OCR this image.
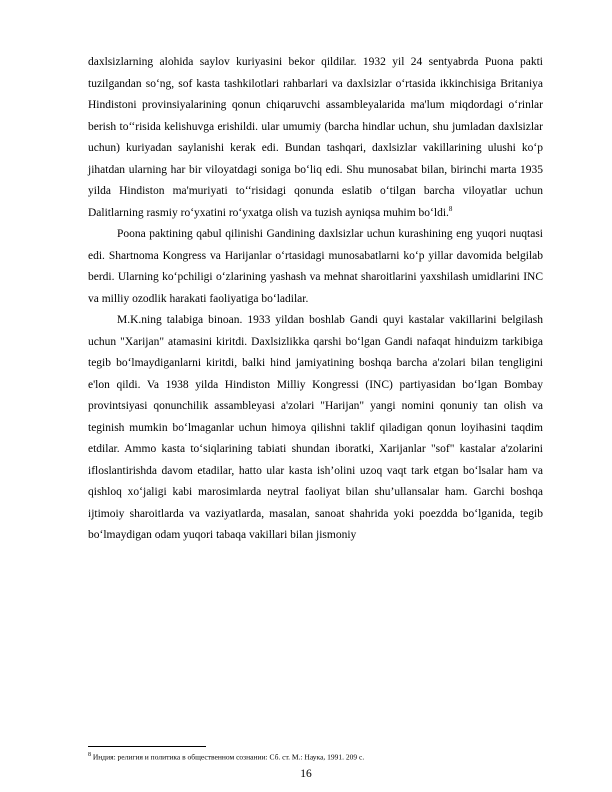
daxlsizlarning alohida saylov kuriyasini bekor qildilar. 1932 yil 24 sentyabrda Puona pakti tuzilgandan so‘ng, sof kasta tashkilotlari rahbarlari va daxlsizlar o‘rtasida ikkinchisiga Britaniya Hindistoni provinsiyalarining qonun chiqaruvchi assambleyalarida ma'lum miqdordagi o‘rinlar berish to‘‘risida kelishuvga erishildi. ular umumiy (barcha hindlar uchun, shu jumladan daxlsizlar uchun) kuriyadan saylanishi kerak edi. Bundan tashqari, daxlsizlar vakillarining ulushi ko‘p jihatdan ularning har bir viloyatdagi soniga bo‘liq edi. Shu munosabat bilan, birinchi marta 1935 yilda Hindiston ma'muriyati to‘‘risidagi qonunda eslatib o‘tilgan barcha viloyatlar uchun Dalitlarning rasmiy ro‘yxatini ro‘yxatga olish va tuzish ayniqsa muhim bo‘ldi.$^8$

Poona paktining qabul qilinishi Gandining daxlsizlar uchun kurashining eng yuqori nuqtasi edi. Shartnoma Kongress va Harijanlar o‘rtasidagi munosabatlarni ko‘p yillar davomida belgilab berdi. Ularning ko‘pchiligi o‘zlarining yashash va mehnat sharoitlarini yaxshilash umidlarini INC va milliy ozodlik harakati faoliyatiga bo‘ladilar.

M.K.ning talabiga binoan. 1933 yildan boshlab Gandi quyi kastalar vakillarini belgilash uchun "Xarijan" atamasini kiritdi. Daxlsizlikka qarshi bo‘lgan Gandi nafaqat hinduizm tarkibiga tegib bo‘lmaydiganlarni kiritdi, balki hind jamiyatining boshqa barcha a'zolari bilan tengligini e'lon qildi. Va 1938 yilda Hindiston Milliy Kongressi (INC) partiyasidan bo‘lgan Bombay provintsiyasi qonunchilik assambleyasi a'zolari "Harijan" yangi nomini qonuniy tan olish va teginish mumkin bo‘lmaganlar uchun himoya qilishni taklif qiladigan qonun loyihasini taqdim etdilar. Ammo kasta to‘siqlarining tabiati shundan iboratki, Xarijanlar "sof" kastalar a'zolarini ifloslantirishda davom etadilar, hatto ular kasta ish’olini uzoq vaqt tark etgan bo‘lsalar ham va qishloq xo‘jaligi kabi marosimlarda neytral faoliyat bilan shu’ullansalar ham. Garchi boshqa ijtimoiy sharoitlarda va vaziyatlarda, masalan, sanoat shahrida yoki poezdda bo‘lganida, tegib bo‘lmaydigan odam yuqori tabaqa vakillari bilan jismoniy

$^8$ Индия: религия и политика в общественном сознании: Сб. ст. М.: Наука, 1991. 209 с.
16
